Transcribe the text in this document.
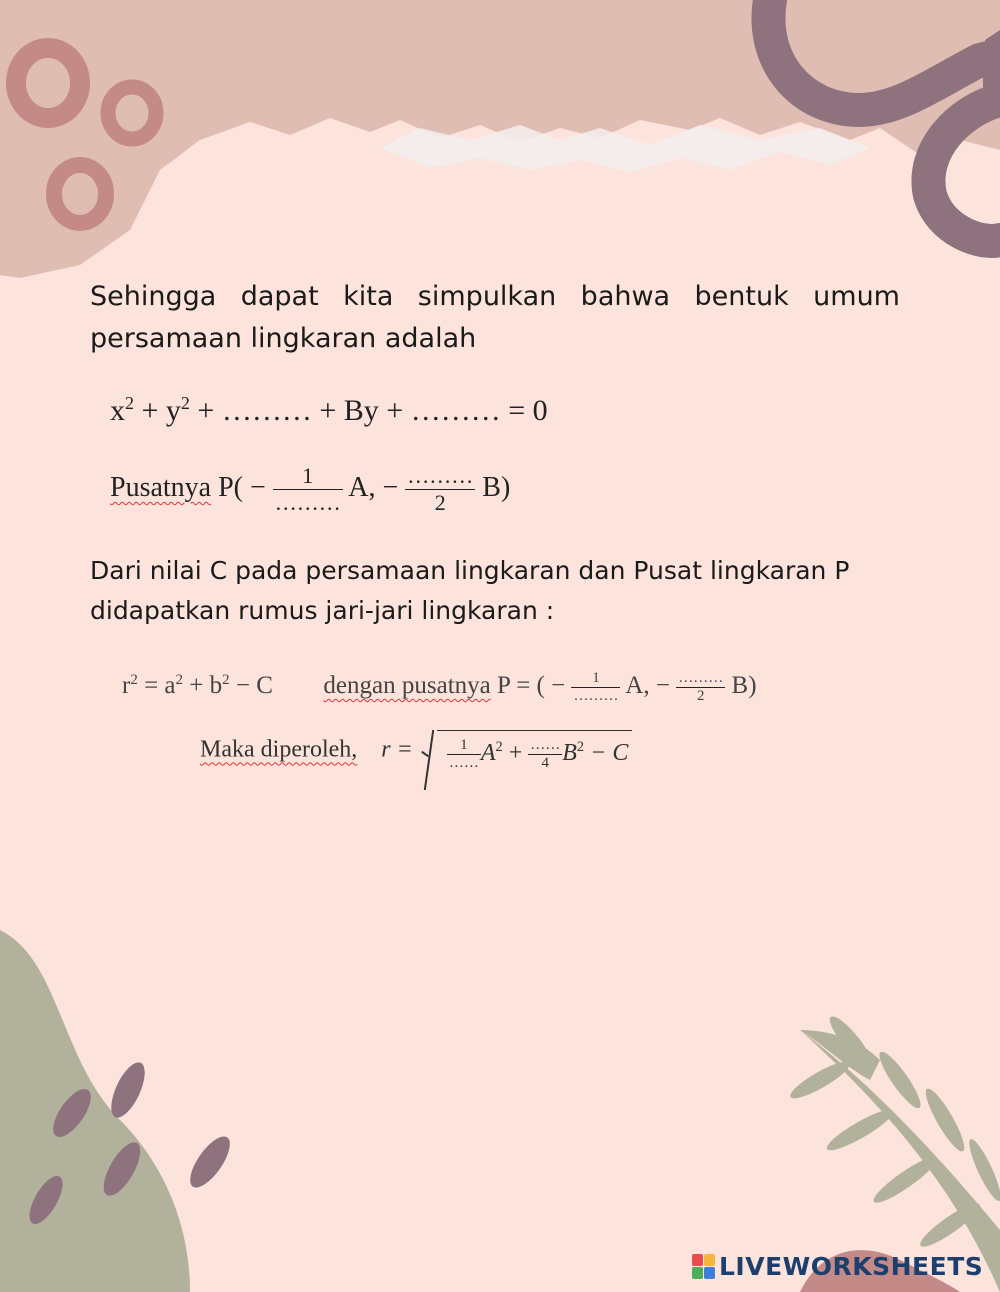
Sehingga dapat kita simpulkan bahwa bentuk umum persamaan lingkaran adalah

$x^2 + y^2$ + ……… + By + ……… = 0
Pusatnya $P( - \frac{1}{\dots\dots\dots} A$, − $\frac{\dots\dots\dots}{2} B$)

Dari nilai C pada persamaan lingkaran dan Pusat lingkaran P didapatkan rumus jari-jari lingkaran :

$r^2 = a^2 + b^2 - C$ dengan pusatnya P = ( − $\frac{1}{\dots\dots\dots} A$, − $\frac{\dots\dots\dots}{2} B$)
Maka diperoleh, $r = \frac{1}{\dots\dots} A^2 + \frac{\dots\dots}{4} B^2 - C$
LIVEWORKSHEETS
